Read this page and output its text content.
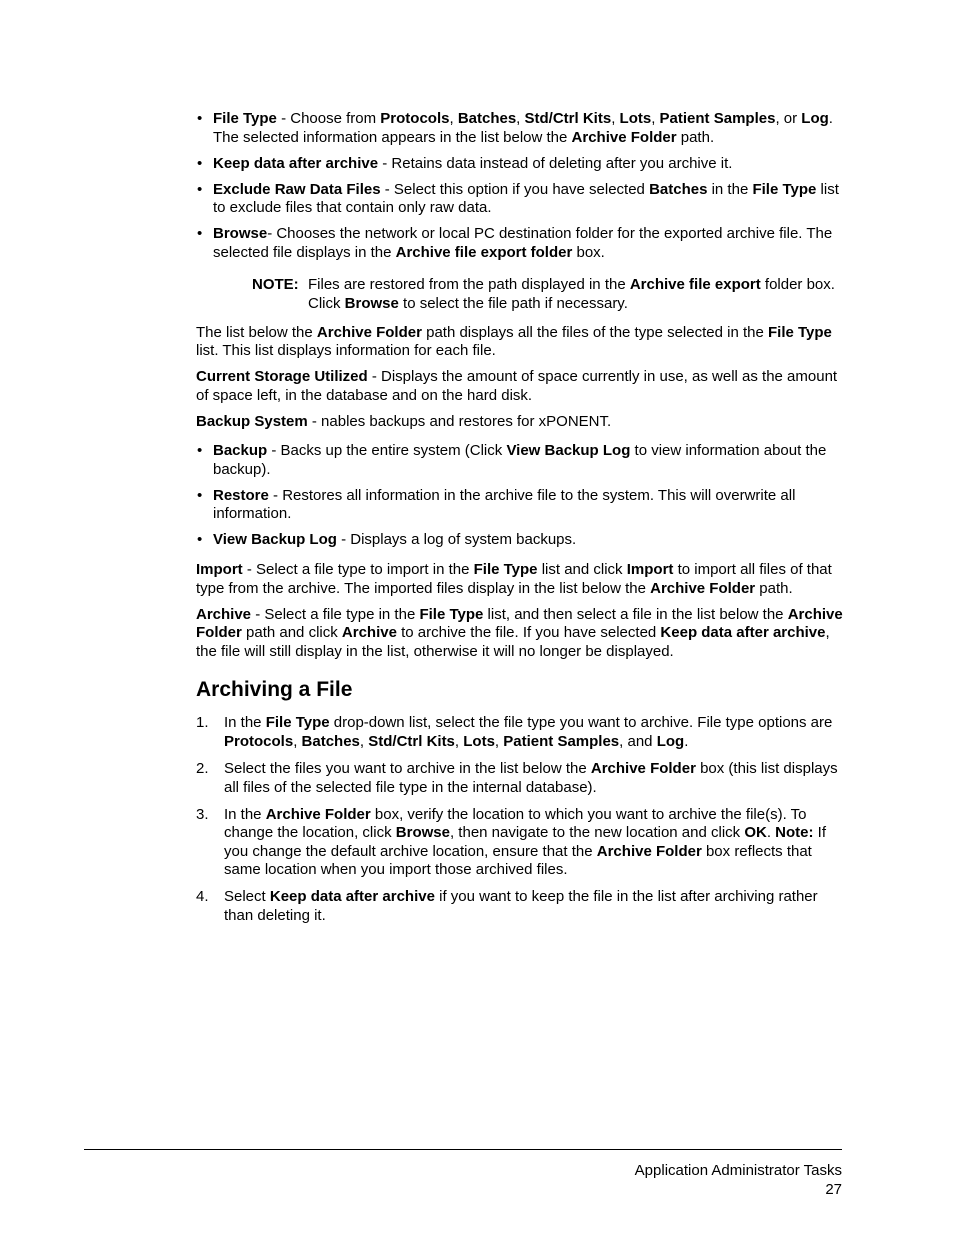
• File Type - Choose from Protocols, Batches, Std/Ctrl Kits, Lots, Patient Samples, or Log. The selected information appears in the list below the Archive Folder path.
• Keep data after archive - Retains data instead of deleting after you archive it.
• Exclude Raw Data Files - Select this option if you have selected Batches in the File Type list to exclude files that contain only raw data.
• Browse- Chooses the network or local PC destination folder for the exported archive file. The selected file displays in the Archive file export folder box.
NOTE: Files are restored from the path displayed in the Archive file export folder box. Click Browse to select the file path if necessary.

The list below the Archive Folder path displays all the files of the type selected in the File Type list. This list displays information for each file.

Current Storage Utilized - Displays the amount of space currently in use, as well as the amount of space left, in the database and on the hard disk.

Backup System - nables backups and restores for xPONENT.

• Backup - Backs up the entire system (Click View Backup Log to view information about the backup).
• Restore - Restores all information in the archive file to the system. This will overwrite all information.
• View Backup Log - Displays a log of system backups.

Import - Select a file type to import in the File Type list and click Import to import all files of that type from the archive. The imported files display in the list below the Archive Folder path.

Archive - Select a file type in the File Type list, and then select a file in the list below the Archive Folder path and click Archive to archive the file. If you have selected Keep data after archive, the file will still display in the list, otherwise it will no longer be displayed.

Archiving a File
1. In the File Type drop-down list, select the file type you want to archive. File type options are Protocols, Batches, Std/Ctrl Kits, Lots, Patient Samples, and Log.
2. Select the files you want to archive in the list below the Archive Folder box (this list displays all files of the selected file type in the internal database).
3. In the Archive Folder box, verify the location to which you want to archive the file(s). To change the location, click Browse, then navigate to the new location and click OK. Note: If you change the default archive location, ensure that the Archive Folder box reflects that same location when you import those archived files.
4. Select Keep data after archive if you want to keep the file in the list after archiving rather than deleting it.
Application Administrator Tasks
27
